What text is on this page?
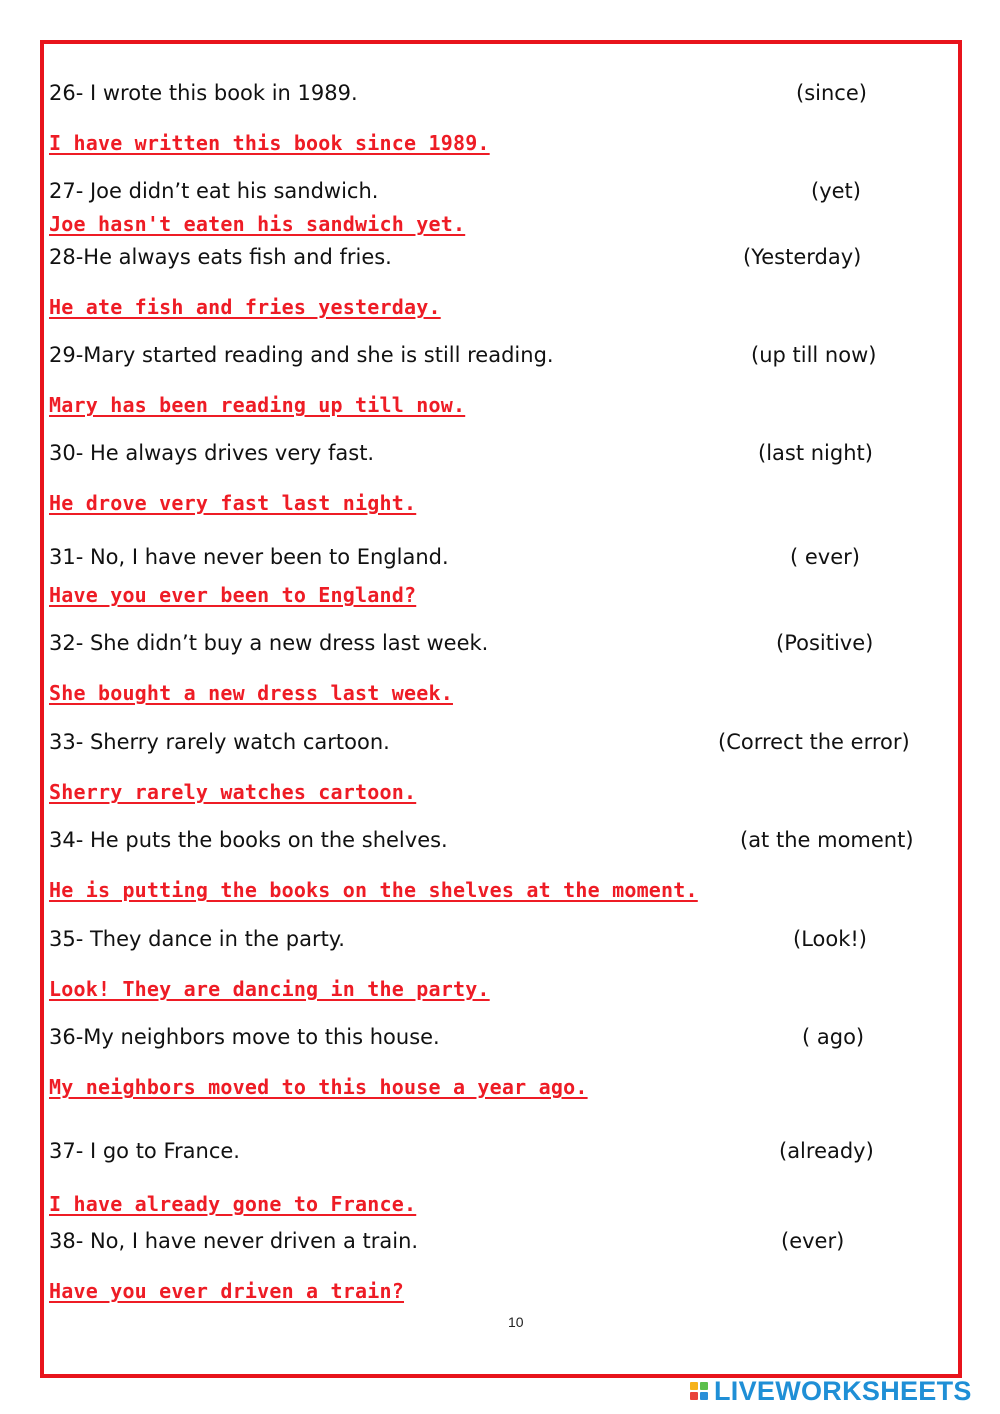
26- I wrote this book in 1989.	(since)
I have written this book since 1989.
27- Joe didn’t eat his sandwich.	(yet)
Joe hasn't eaten his sandwich yet.
28-He always eats fish and fries.	(Yesterday)
He ate fish and fries yesterday.
29-Mary started reading and she is still reading.	(up till now)
Mary has been reading up till now.
30- He always drives very fast.	(last night)
He drove very fast last night.
31- No, I have never been to England.	( ever)
Have you ever been to England?
32- She didn’t buy a new dress last week.	(Positive)
She bought a new dress last week.
33- Sherry rarely watch cartoon.	(Correct the error)
Sherry rarely watches cartoon.
34- He puts the books on the shelves.	(at the moment)
He is putting the books on the shelves at the moment.
35- They dance in the party.	(Look!)
Look! They are dancing in the party.
36-My neighbors move to this house.	( ago)
My neighbors moved to this house a year ago.
37- I go to France.	(already)
I have already gone to France.
38- No, I have never driven a train.	(ever)
Have you ever driven a train?
10
LIVEWORKSHEETS
